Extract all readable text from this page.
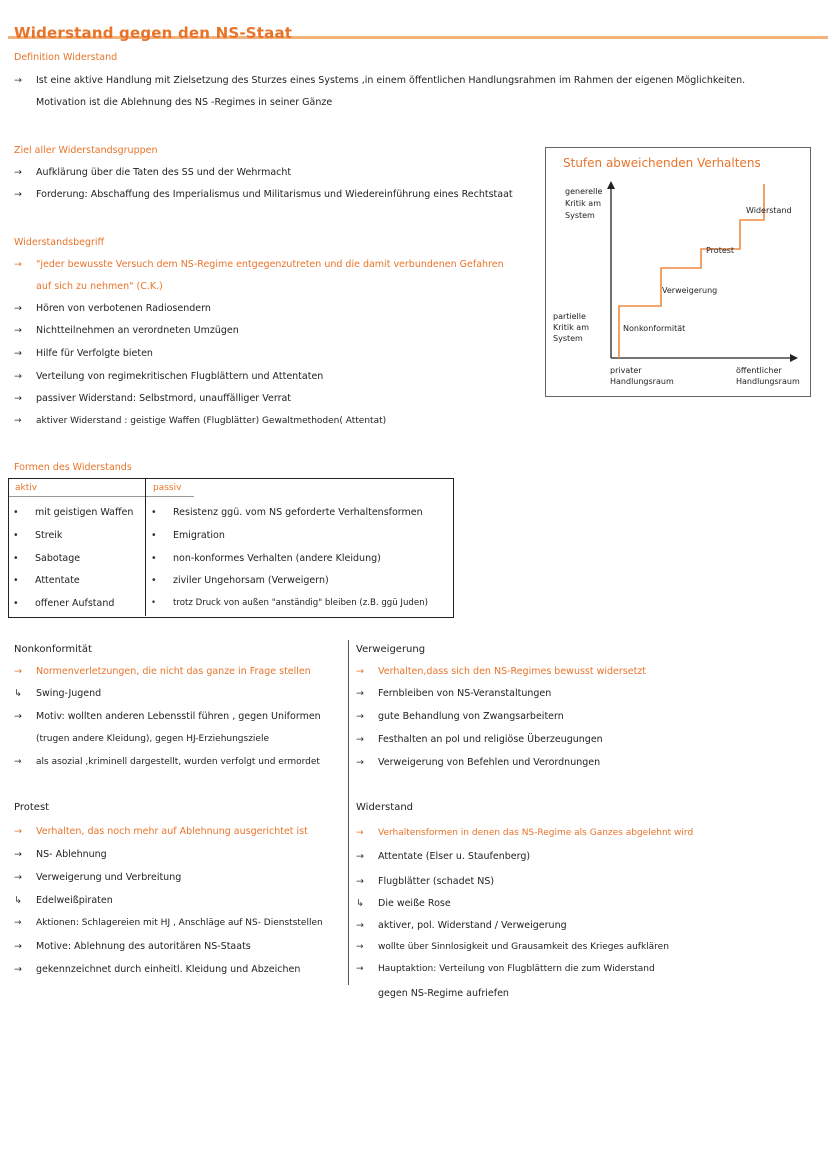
Widerstand gegen den NS-Staat
Definition Widerstand
→ Ist eine aktive Handlung mit Zielsetzung des Sturzes eines Systems ,in einem öffentlichen Handlungsrahmen im Rahmen der eigenen Möglichkeiten.
Motivation ist die Ablehnung des NS -Regimes in seiner Gänze
Ziel aller Widerstandsgruppen
→ Aufklärung über die Taten des SS und der Wehrmacht
→ Forderung: Abschaffung des Imperialismus und Militarismus und Wiedereinführung eines Rechtstaat
Widerstandsbegriff
→ "jeder bewusste Versuch dem NS-Regime entgegenzutreten und die damit verbundenen Gefahren
auf sich zu nehmen" (C.K.)
→ Hören von verbotenen Radiosendern
→ Nichtteilnehmen an verordneten Umzügen
→ Hilfe für Verfolgte bieten
→ Verteilung von regimekritischen Flugblättern und Attentaten
→ passiver Widerstand: Selbstmord, unauffälliger Verrat
→ aktiver Widerstand : geistige Waffen (Flugblätter) Gewaltmethoden( Attentat)
Stufen abweichenden Verhaltens
generelle
Kritik am
System
partielle
Kritik am
System
Nonkonformität
Verweigerung
Protest
Widerstand
privater
Handlungsraum
öffentlicher
Handlungsraum
Formen des Widerstands
aktiv	passiv
• mit geistigen Waffen
• Streik
• Sabotage
• Attentate
• offener Aufstand
• Resistenz ggü. vom NS geforderte Verhaltensformen
• Emigration
• non-konformes Verhalten (andere Kleidung)
• ziviler Ungehorsam (Verweigern)
• trotz Druck von außen "anständig" bleiben (z.B. ggü Juden)
Nonkonformität
→ Normenverletzungen, die nicht das ganze in Frage stellen
↳ Swing-Jugend
→ Motiv: wollten anderen Lebensstil führen , gegen Uniformen
(trugen andere Kleidung), gegen HJ-Erziehungsziele
→ als asozial ,kriminell dargestellt, wurden verfolgt und ermordet
Verweigerung
→ Verhalten,dass sich den NS-Regimes bewusst widersetzt
→ Fernbleiben von NS-Veranstaltungen
→ gute Behandlung von Zwangsarbeitern
→ Festhalten an pol und religiöse Überzeugungen
→ Verweigerung von Befehlen und Verordnungen
Protest
→ Verhalten, das noch mehr auf Ablehnung ausgerichtet ist
→ NS- Ablehnung
→ Verweigerung und Verbreitung
↳ Edelweißpiraten
→ Aktionen: Schlagereien mit HJ , Anschläge auf NS- Dienststellen
→ Motive: Ablehnung des autoritären NS-Staats
→ gekennzeichnet durch einheitl. Kleidung und Abzeichen
Widerstand
→ Verhaltensformen in denen das NS-Regime als Ganzes abgelehnt wird
→ Attentate (Elser u. Staufenberg)
→ Flugblätter (schadet NS)
↳ Die weiße Rose
→ aktiver, pol. Widerstand / Verweigerung
→ wollte über Sinnlosigkeit und Grausamkeit des Krieges aufklären
→ Hauptaktion: Verteilung von Flugblättern die zum Widerstand
gegen NS-Regime aufriefen
